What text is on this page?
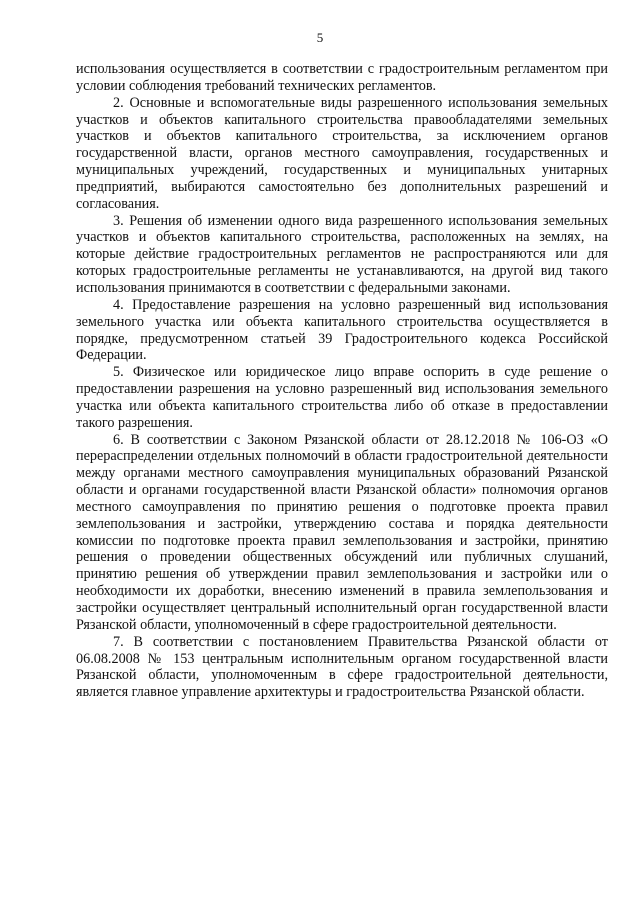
5

использования осуществляется в соответствии с градостроительным регламентом при условии соблюдения требований технических регламентов.

2. Основные и вспомогательные виды разрешенного использования земельных участков и объектов капитального строительства правообладателями земельных участков и объектов капитального строительства, за исключением органов государственной власти, органов местного самоуправления, государственных и муниципальных учреждений, государственных и муниципальных унитарных предприятий, выбираются самостоятельно без дополнительных разрешений и согласования.

3. Решения об изменении одного вида разрешенного использования земельных участков и объектов капитального строительства, расположенных на землях, на которые действие градостроительных регламентов не распространяются или для которых градостроительные регламенты не устанавливаются, на другой вид такого использования принимаются в соответствии с федеральными законами.

4. Предоставление разрешения на условно разрешенный вид использования земельного участка или объекта капитального строительства осуществляется в порядке, предусмотренном статьей 39 Градостроительного кодекса Российской Федерации.

5. Физическое или юридическое лицо вправе оспорить в суде решение о предоставлении разрешения на условно разрешенный вид использования земельного участка или объекта капитального строительства либо об отказе в предоставлении такого разрешения.

6. В соответствии с Законом Рязанской области от 28.12.2018 № 106-ОЗ «О перераспределении отдельных полномочий в области градостроительной деятельности между органами местного самоуправления муниципальных образований Рязанской области и органами государственной власти Рязанской области» полномочия органов местного самоуправления по принятию решения о подготовке проекта правил землепользования и застройки, утверждению состава и порядка деятельности комиссии по подготовке проекта правил землепользования и застройки, принятию решения о проведении общественных обсуждений или публичных слушаний, принятию решения об утверждении правил землепользования и застройки или о необходимости их доработки, внесению изменений в правила землепользования и застройки осуществляет центральный исполнительный орган государственной власти Рязанской области, уполномоченный в сфере градостроительной деятельности.

7. В соответствии с постановлением Правительства Рязанской области от 06.08.2008 № 153 центральным исполнительным органом государственной власти Рязанской области, уполномоченным в сфере градостроительной деятельности, является главное управление архитектуры и градостроительства Рязанской области.
